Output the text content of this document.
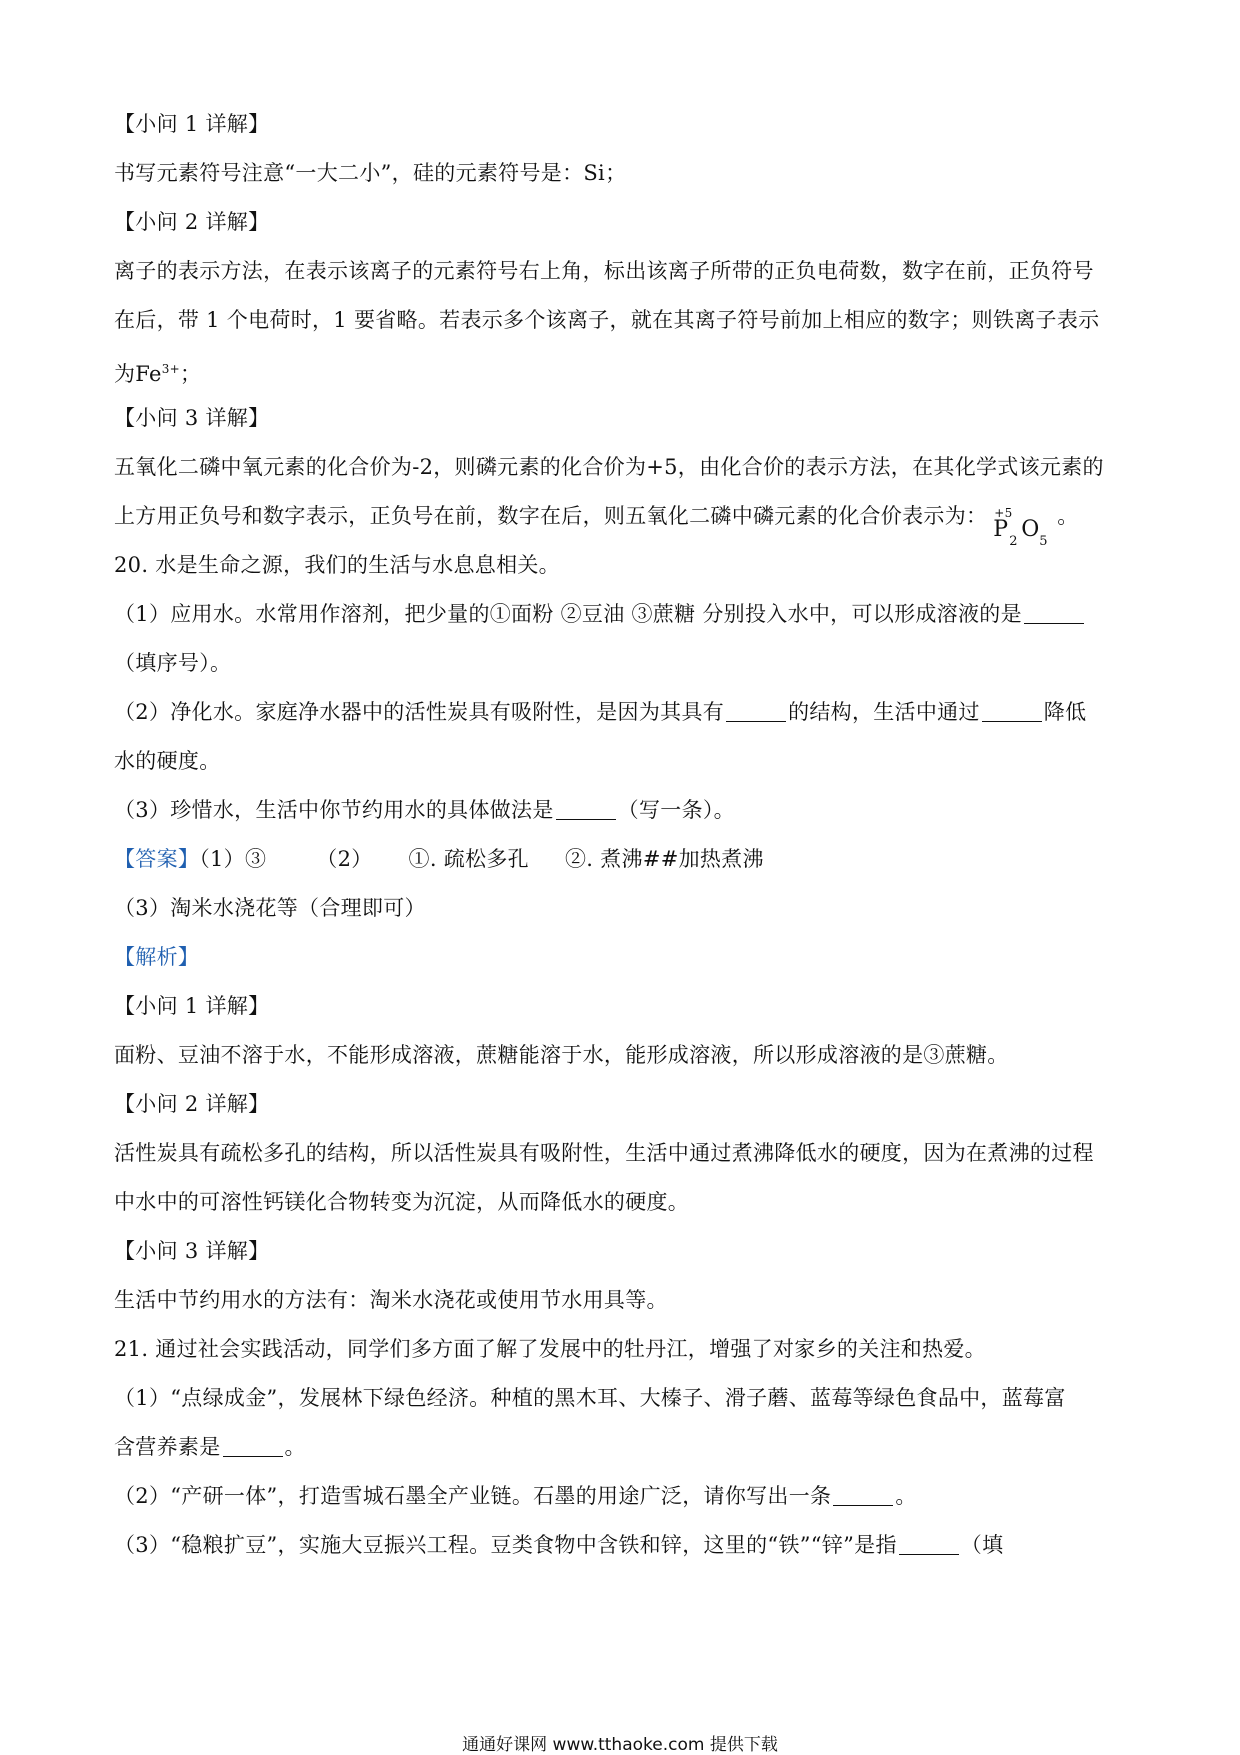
【小问 1 详解】
书写元素符号注意“一大二小”，硅的元素符号是：Si；
【小问 2 详解】
离子的表示方法，在表示该离子的元素符号右上角，标出该离子所带的正负电荷数，数字在前，正负符号
在后，带 1 个电荷时，1 要省略。若表示多个该离子，就在其离子符号前加上相应的数字；则铁离子表示
为$Fe^{3+}$；
【小问 3 详解】
五氧化二磷中氧元素的化合价为-2，则磷元素的化合价为+5，由化合价的表示方法，在其化学式该元素的
上方用正负号和数字表示，正负号在前，数字在后，则五氧化二磷中磷元素的化合价表示为： +5
P 2 O 5
。
20. 水是生命之源，我们的生活与水息息相关。
（1）应用水。水常用作溶剂，把少量的①面粉 ②豆油 ③蔗糖 分别投入水中，可以形成溶液的是
（填序号）。
（2）净化水。家庭净水器中的活性炭具有吸附性，是因为其具有	的结构，生活中通过	降低
水的硬度。
（3）珍惜水，生活中你节约用水的具体做法是	（写一条）。
【答案】（1）③ （2） ①. 疏松多孔 ②. 煮沸##加热煮沸
（3）淘米水浇花等（合理即可）
【解析】
【小问 1 详解】
面粉、豆油不溶于水，不能形成溶液，蔗糖能溶于水，能形成溶液，所以形成溶液的是③蔗糖。
【小问 2 详解】
活性炭具有疏松多孔的结构，所以活性炭具有吸附性，生活中通过煮沸降低水的硬度，因为在煮沸的过程
中水中的可溶性钙镁化合物转变为沉淀，从而降低水的硬度。
【小问 3 详解】
生活中节约用水的方法有：淘米水浇花或使用节水用具等。
21. 通过社会实践活动，同学们多方面了解了发展中的牡丹江，增强了对家乡的关注和热爱。
（1）“点绿成金”，发展林下绿色经济。种植的黑木耳、大榛子、滑子蘑、蓝莓等绿色食品中，蓝莓富
含营养素是	。
（2）“产研一体”，打造雪城石墨全产业链。石墨的用途广泛，请你写出一条	。
（3）“稳粮扩豆”，实施大豆振兴工程。豆类食物中含铁和锌，这里的“铁”“锌”是指	（填
通通好课网 www.tthaoke.com 提供下载
